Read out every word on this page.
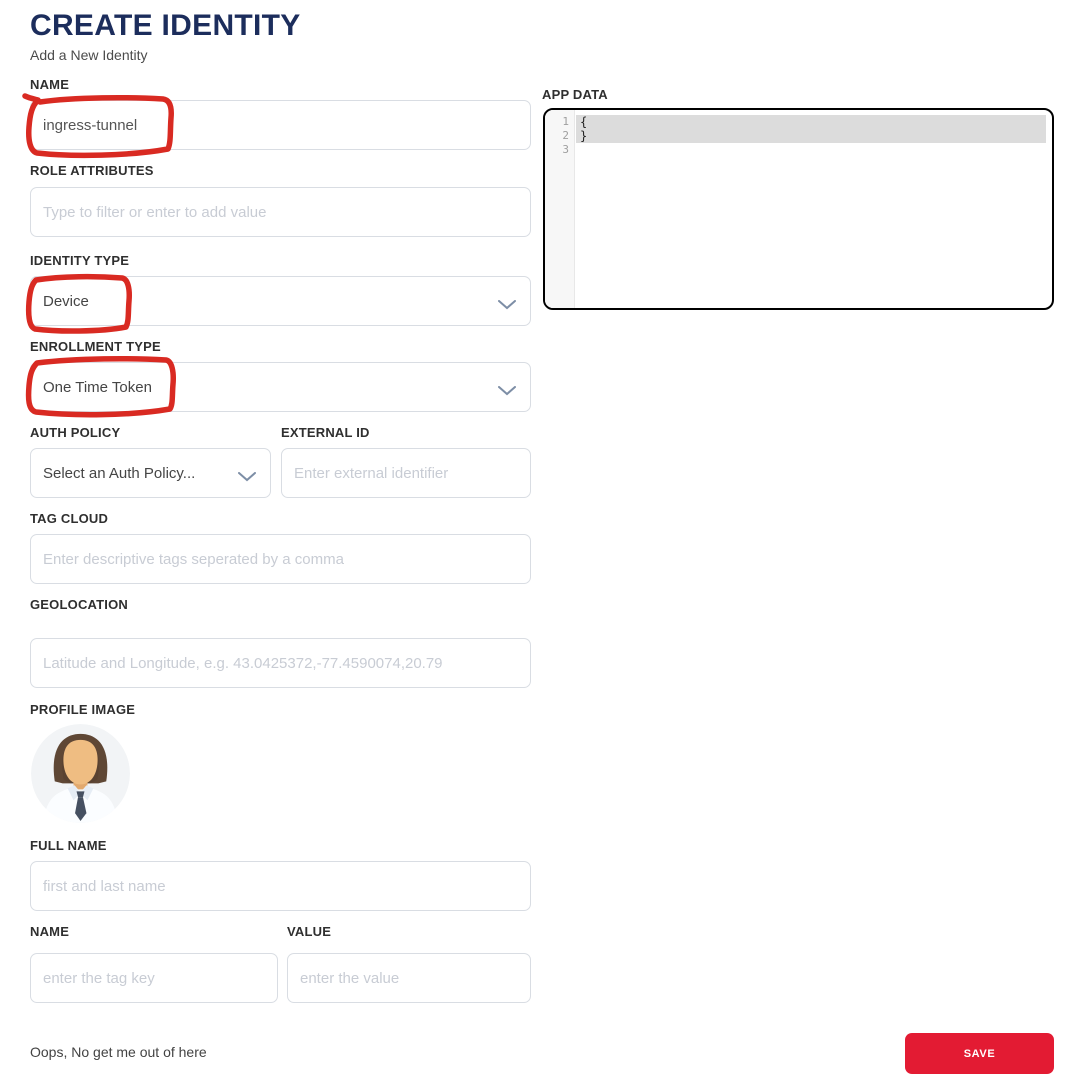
CREATE IDENTITY
Add a New Identity
NAME
ingress-tunnel
ROLE ATTRIBUTES
Type to filter or enter to add value
IDENTITY TYPE
Device
ENROLLMENT TYPE
One Time Token
AUTH POLICY	EXTERNAL ID
Select an Auth Policy...
Enter external identifier
TAG CLOUD
Enter descriptive tags seperated by a comma
GEOLOCATION
Latitude and Longitude, e.g. 43.0425372,-77.4590074,20.79
PROFILE IMAGE
FULL NAME
first and last name
NAME	VALUE
enter the tag key
enter the value
APP DATA
1 {
2 }
3
Oops, No get me out of here	SAVE
